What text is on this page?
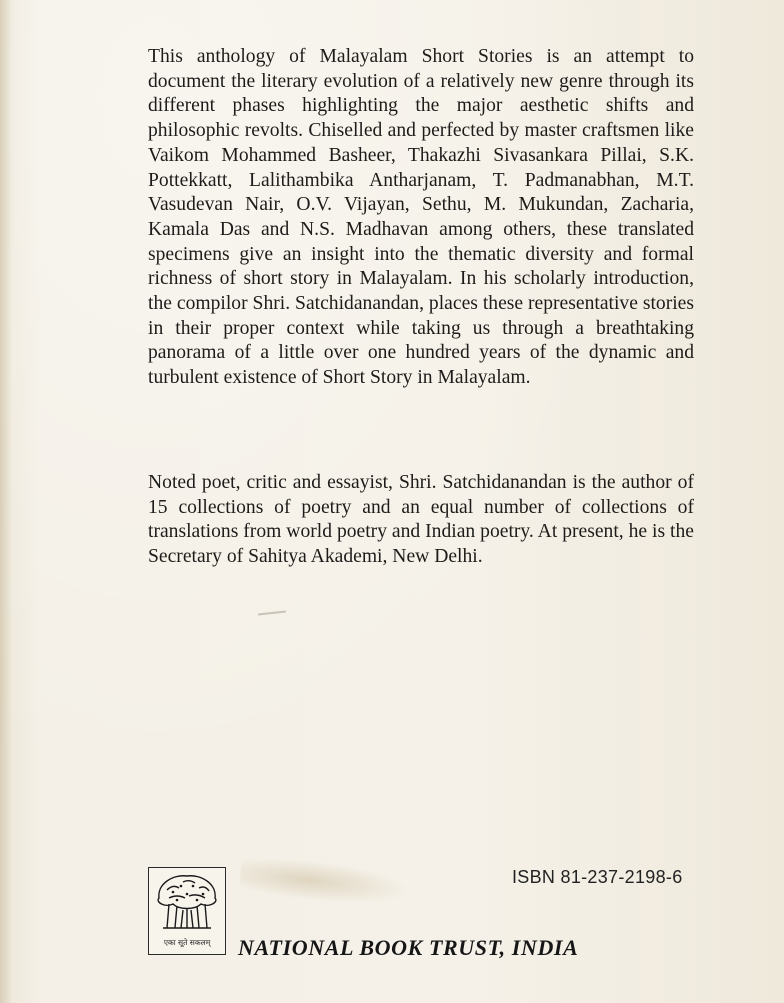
This anthology of Malayalam Short Stories is an attempt to document the literary evolution of a relatively new genre through its different phases highlighting the major aesthetic shifts and philosophic revolts. Chiselled and perfected by master craftsmen like Vaikom Mohammed Basheer, Thakazhi Sivasankara Pillai, S.K. Pottekkatt, Lalithambika Antharjanam, T. Padmanabhan, M.T. Vasudevan Nair, O.V. Vijayan, Sethu, M. Mukundan, Zacharia, Kamala Das and N.S. Madhavan among others, these translated specimens give an insight into the thematic diversity and formal richness of short story in Malayalam. In his scholarly introduction, the compilor Shri. Satchidanandan, places these representative stories in their proper context while taking us through a breathtaking panorama of a little over one hundred years of the dynamic and turbulent existence of Short Story in Malayalam.

Noted poet, critic and essayist, Shri. Satchidanandan is the author of 15 collections of poetry and an equal number of collections of translations from world poetry and Indian poetry. At present, he is the Secretary of Sahitya Akademi, New Delhi.

एका सूते सकलम्
ISBN 81-237-2198-6
NATIONAL BOOK TRUST, INDIA
